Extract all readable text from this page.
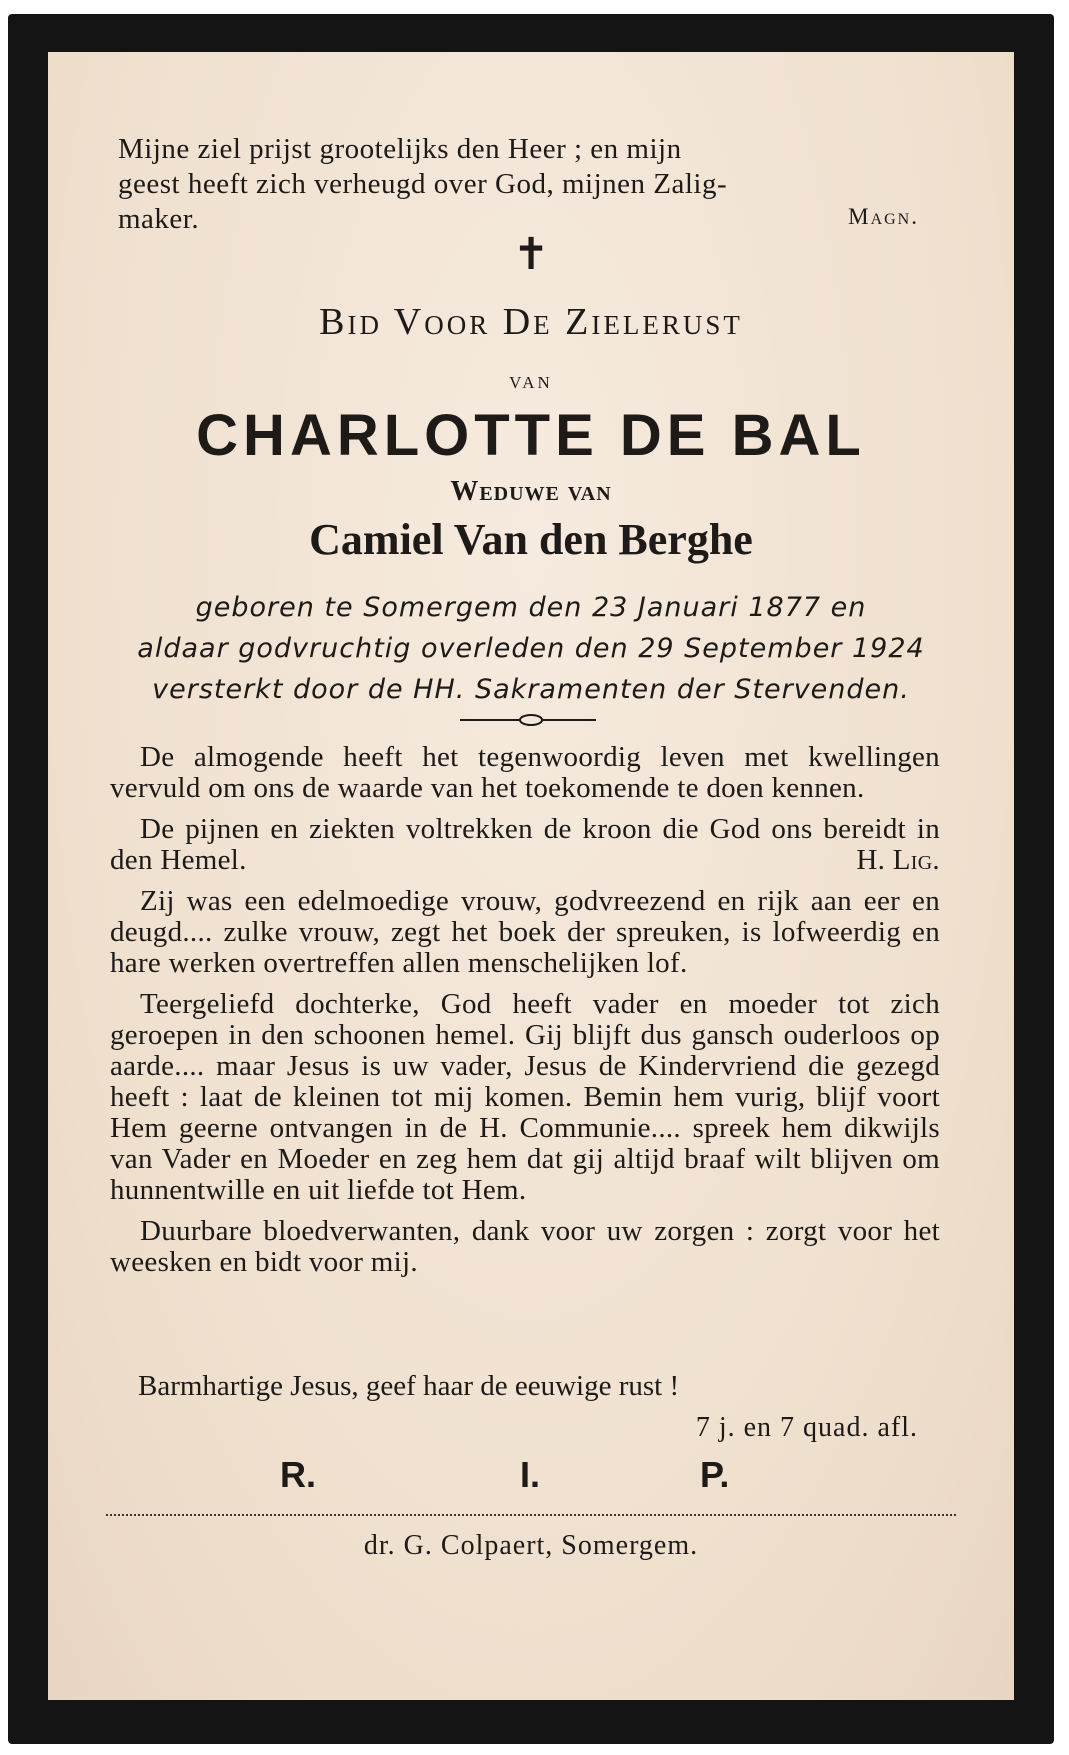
Mijne ziel prijst grootelijks den Heer ; en mijn
geest heeft zich verheugd over God, mijnen Zalig-
maker.	Magn.
✝
Bid Voor De Zielerust
van
CHARLOTTE DE BAL
Weduwe van
Camiel Van den Berghe
geboren te Somergem den 23 Januari 1877 en
aldaar godvruchtig overleden den 29 September 1924
versterkt door de HH. Sakramenten der Stervenden.

De almogende heeft het tegenwoordig leven met kwellingen vervuld om ons de waarde van het toekomende te doen kennen.

De pijnen en ziekten voltrekken de kroon die God ons bereidt in den Hemel.	H. Lig.

Zij was een edelmoedige vrouw, godvreezend en rijk aan eer en deugd.... zulke vrouw, zegt het boek der spreuken, is lofweerdig en hare werken overtreffen allen menschelijken lof.

Teergeliefd dochterke, God heeft vader en moeder tot zich geroepen in den schoonen hemel. Gij blijft dus gansch ouderloos op aarde.... maar Jesus is uw vader, Jesus de Kindervriend die gezegd heeft : laat de kleinen tot mij komen. Bemin hem vurig, blijf voort Hem geerne ontvangen in de H. Communie.... spreek hem dikwijls van Vader en Moeder en zeg hem dat gij altijd braaf wilt blijven om hunnentwille en uit liefde tot Hem.

Duurbare bloedverwanten, dank voor uw zorgen : zorgt voor het weesken en bidt voor mij.

Barmhartige Jesus, geef haar de eeuwige rust !
7 j. en 7 quad. afl.
R.	I.	P.
dr. G. Colpaert, Somergem.
